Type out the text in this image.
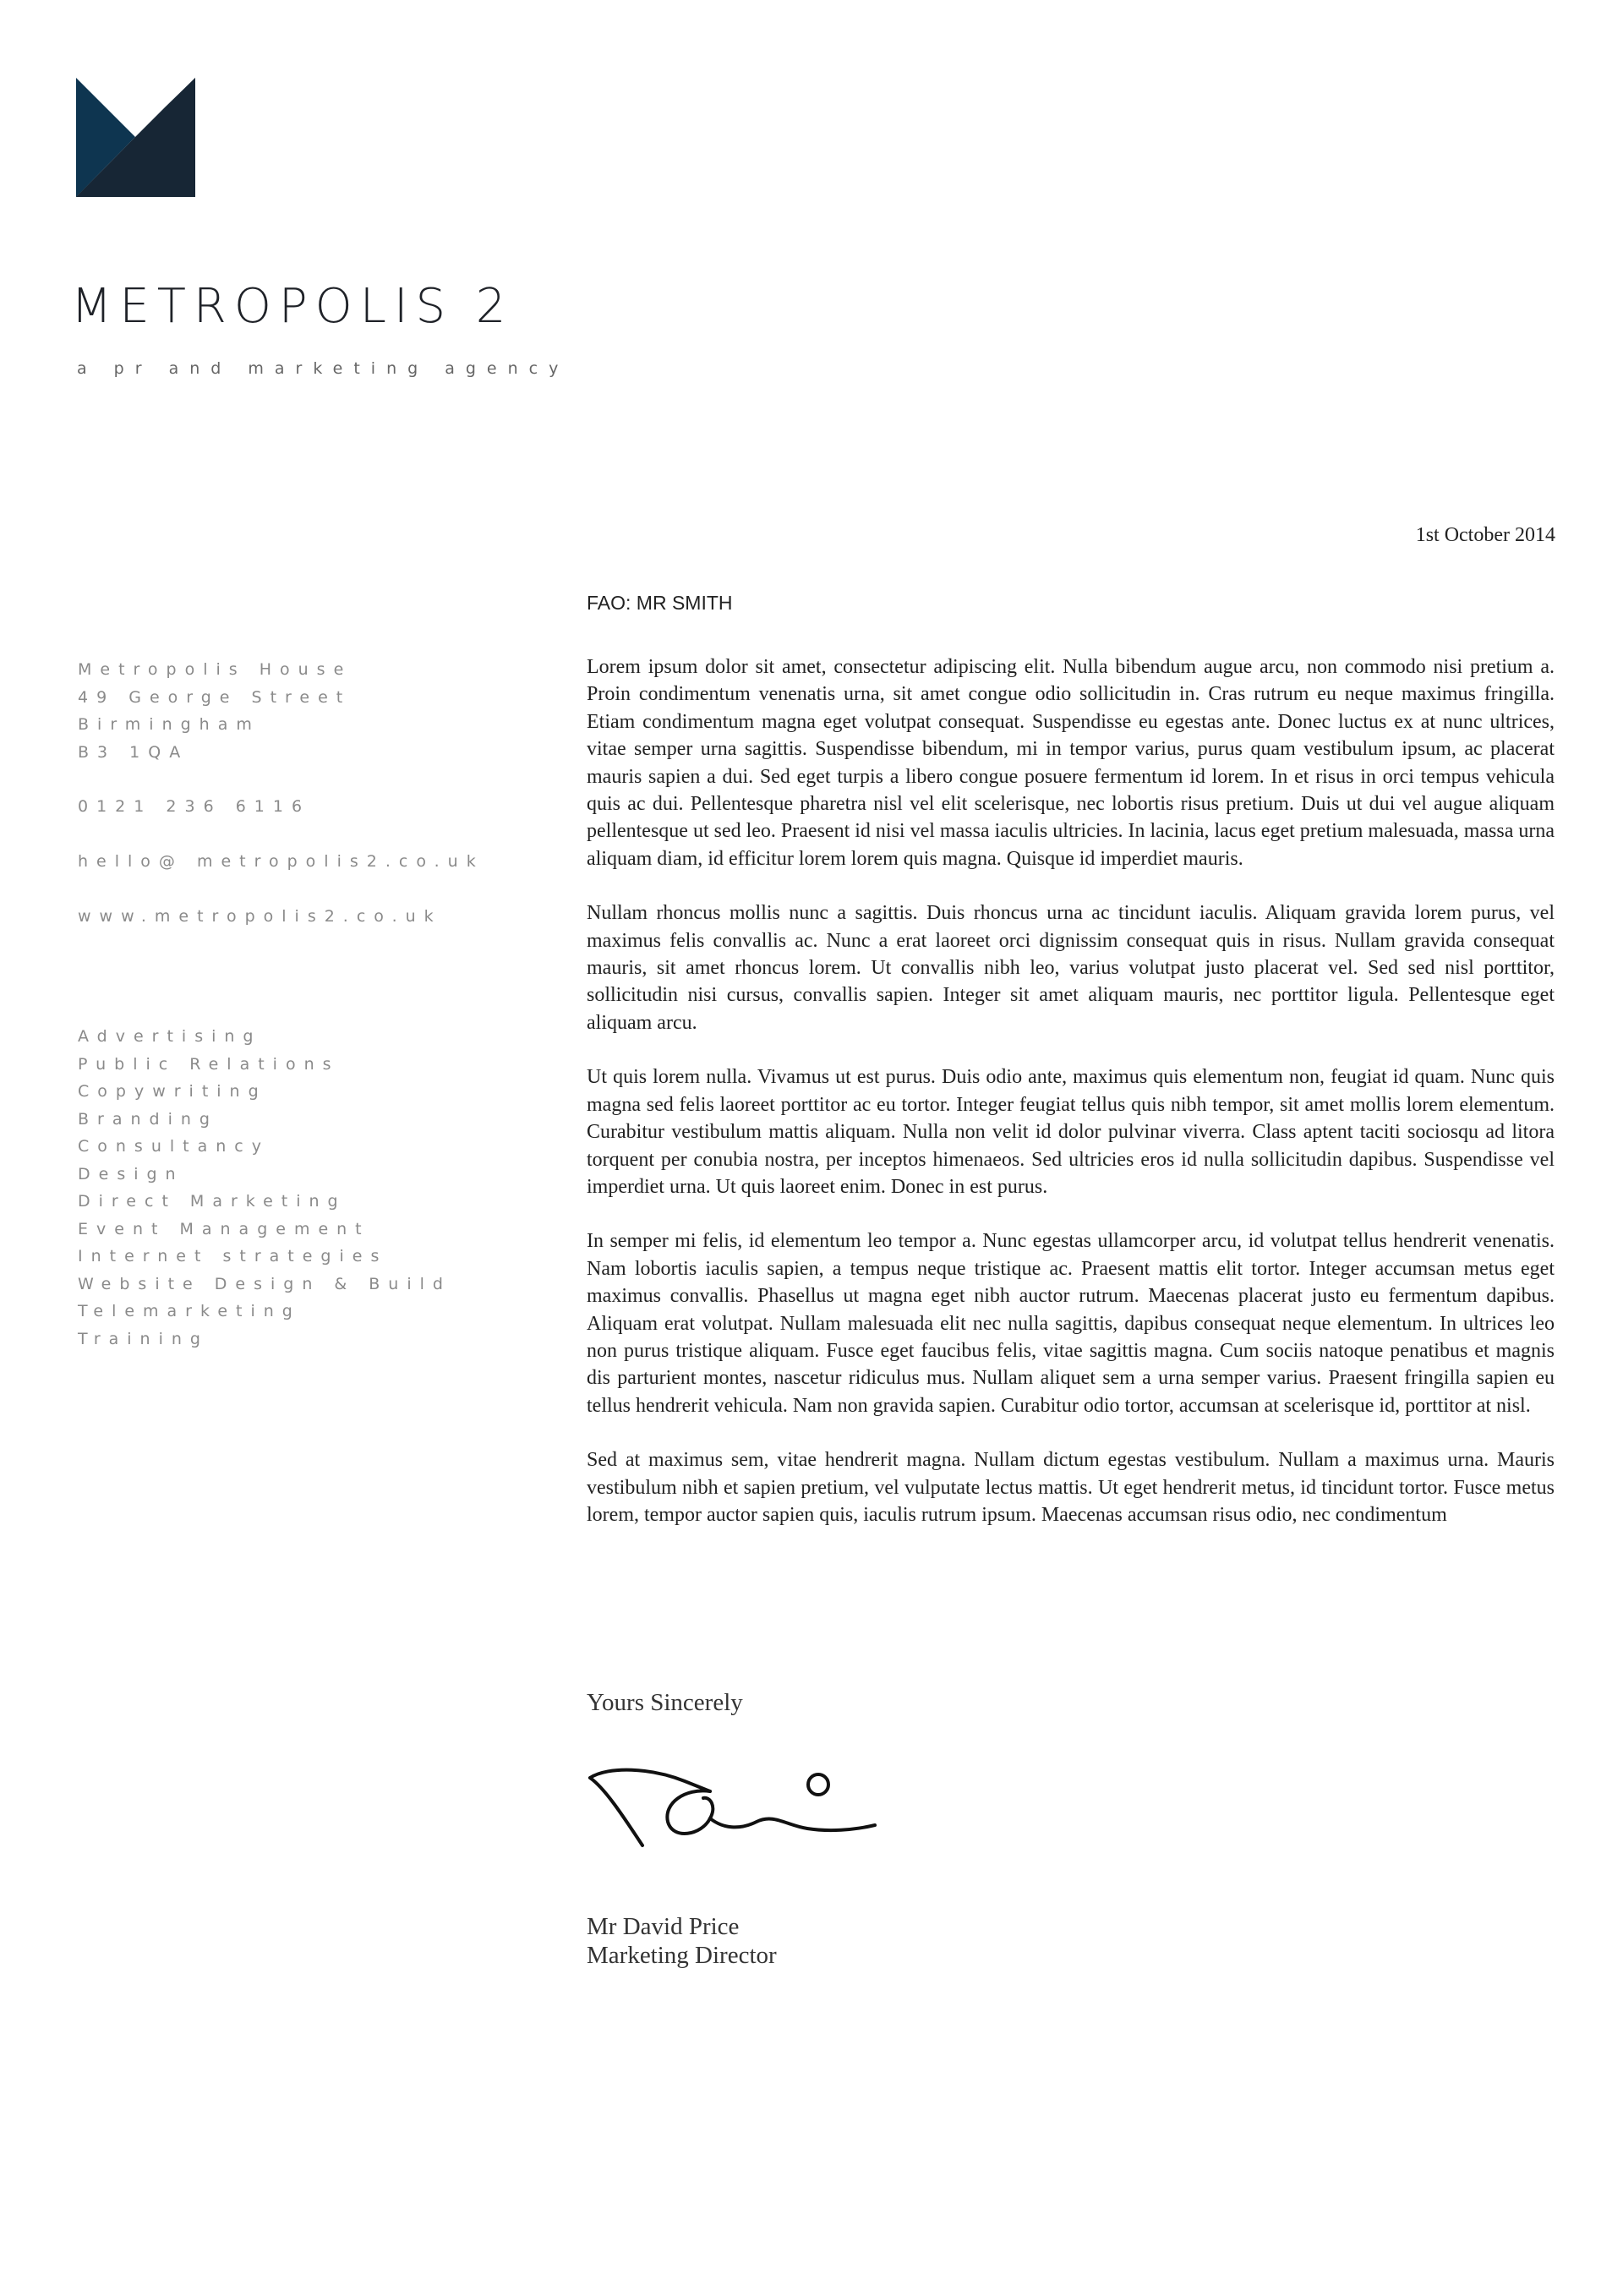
METROPOLIS 2
a pr and marketing agency
Metropolis House
49 George Street
Birmingham
B3 1QA
0121 236 6116
hello@ metropolis2.co.uk
www.metropolis2.co.uk
Advertising
Public Relations
Copywriting
Branding
Consultancy
Design
Direct Marketing
Event Management
Internet strategies
Website Design & Build
Telemarketing
Training
1st October 2014
FAO: MR SMITH

Lorem ipsum dolor sit amet, consectetur adipiscing elit. Nulla bibendum augue arcu, non commodo nisi pretium a. Proin condimentum venenatis urna, sit amet congue odio sollicitudin in. Cras rutrum eu neque maximus fringilla. Etiam condimentum magna eget volutpat consequat. Suspendisse eu egestas ante. Donec luctus ex at nunc ultrices, vitae semper urna sagittis. Suspendisse bibendum, mi in tempor varius, purus quam vestibulum ipsum, ac placerat mauris sapien a dui. Sed eget turpis a libero congue posuere fermentum id lorem. In et risus in orci tempus vehicula quis ac dui. Pellentesque pharetra nisl vel elit scelerisque, nec lobortis risus pretium. Duis ut dui vel augue aliquam pellentesque ut sed leo. Praesent id nisi vel massa iaculis ultricies. In lacinia, lacus eget pretium malesuada, massa urna aliquam diam, id efficitur lorem lorem quis magna. Quisque id imperdiet mauris.

Nullam rhoncus mollis nunc a sagittis. Duis rhoncus urna ac tincidunt iaculis. Aliquam gravida lorem purus, vel maximus felis convallis ac. Nunc a erat laoreet orci dignissim consequat quis in risus. Nullam gravida consequat mauris, sit amet rhoncus lorem. Ut convallis nibh leo, varius volutpat justo placerat vel. Sed sed nisl porttitor, sollicitudin nisi cursus, convallis sapien. Integer sit amet aliquam mauris, nec porttitor ligula. Pellentesque eget aliquam arcu.

Ut quis lorem nulla. Vivamus ut est purus. Duis odio ante, maximus quis elementum non, feugiat id quam. Nunc quis magna sed felis laoreet porttitor ac eu tortor. Integer feugiat tellus quis nibh tempor, sit amet mollis lorem elementum. Curabitur vestibulum mattis aliquam. Nulla non velit id dolor pulvinar viverra. Class aptent taciti sociosqu ad litora torquent per conubia nostra, per inceptos himenaeos. Sed ultricies eros id nulla sollicitudin dapibus. Suspendisse vel imperdiet urna. Ut quis laoreet enim. Donec in est purus.

In semper mi felis, id elementum leo tempor a. Nunc egestas ullamcorper arcu, id volutpat tellus hendrerit venenatis. Nam lobortis iaculis sapien, a tempus neque tristique ac. Praesent mattis elit tortor. Integer accumsan metus eget maximus convallis. Phasellus ut magna eget nibh auctor rutrum. Maecenas placerat justo eu fermentum dapibus. Aliquam erat volutpat. Nullam malesuada elit nec nulla sagittis, dapibus consequat neque elementum. In ultrices leo non purus tristique aliquam. Fusce eget faucibus felis, vitae sagittis magna. Cum sociis natoque penatibus et magnis dis parturient montes, nascetur ridiculus mus. Nullam aliquet sem a urna semper varius. Praesent fringilla sapien eu tellus hendrerit vehicula. Nam non gravida sapien. Curabitur odio tortor, accumsan at scelerisque id, porttitor at nisl.

Sed at maximus sem, vitae hendrerit magna. Nullam dictum egestas vestibulum. Nullam a maximus urna. Mauris vestibulum nibh et sapien pretium, vel vulputate lectus mattis. Ut eget hendrerit metus, id tincidunt tortor. Fusce metus lorem, tempor auctor sapien quis, iaculis rutrum ipsum. Maecenas accumsan risus odio, nec condimentum

Yours Sincerely
Mr David Price
Marketing Director
